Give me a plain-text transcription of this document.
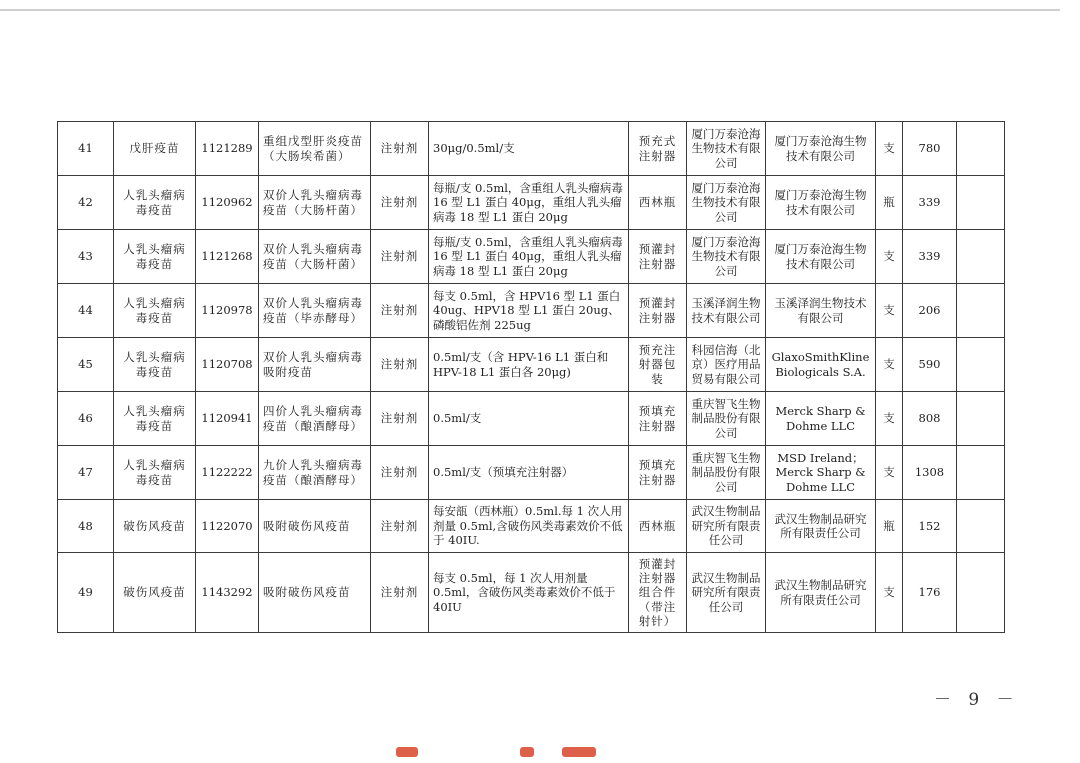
41	戊肝疫苗	1121289	重组戊型肝炎疫苗（大肠埃希菌）	注射剂	30μg/0.5ml/支	预充式注射器	厦门万泰沧海生物技术有限公司	厦门万泰沧海生物技术有限公司	支	780	
42	人乳头瘤病毒疫苗	1120962	双价人乳头瘤病毒疫苗（大肠杆菌）	注射剂	每瓶/支 0.5ml，含重组人乳头瘤病毒 16 型 L1 蛋白 40μg，重组人乳头瘤病毒 18 型 L1 蛋白 20μg	西林瓶	厦门万泰沧海生物技术有限公司	厦门万泰沧海生物技术有限公司	瓶	339	
43	人乳头瘤病毒疫苗	1121268	双价人乳头瘤病毒疫苗（大肠杆菌）	注射剂	每瓶/支 0.5ml，含重组人乳头瘤病毒 16 型 L1 蛋白 40μg，重组人乳头瘤病毒 18 型 L1 蛋白 20μg	预灌封注射器	厦门万泰沧海生物技术有限公司	厦门万泰沧海生物技术有限公司	支	339	
44	人乳头瘤病毒疫苗	1120978	双价人乳头瘤病毒疫苗（毕赤酵母）	注射剂	每支 0.5ml，含 HPV16 型 L1 蛋白 40ug、HPV18 型 L1 蛋白 20ug、磷酸铝佐剂 225ug	预灌封注射器	玉溪泽润生物技术有限公司	玉溪泽润生物技术有限公司	支	206	
45	人乳头瘤病毒疫苗	1120708	双价人乳头瘤病毒吸附疫苗	注射剂	0.5ml/支（含 HPV-16 L1 蛋白和 HPV-18 L1 蛋白各 20μg)	预充注射器包装	科园信海（北京）医疗用品贸易有限公司	GlaxoSmithKline Biologicals S.A.	支	590	
46	人乳头瘤病毒疫苗	1120941	四价人乳头瘤病毒疫苗（酿酒酵母）	注射剂	0.5ml/支	预填充注射器	重庆智飞生物制品股份有限公司	Merck Sharp & Dohme LLC	支	808	
47	人乳头瘤病毒疫苗	1122222	九价人乳头瘤病毒疫苗（酿酒酵母）	注射剂	0.5ml/支（预填充注射器）	预填充注射器	重庆智飞生物制品股份有限公司	MSD Ireland；Merck Sharp & Dohme LLC	支	1308	
48	破伤风疫苗	1122070	吸附破伤风疫苗	注射剂	每安瓿（西林瓶）0.5ml.每 1 次人用剂量 0.5ml,含破伤风类毒素效价不低于 40IU.	西林瓶	武汉生物制品研究所有限责任公司	武汉生物制品研究所有限责任公司	瓶	152	
49	破伤风疫苗	1143292	吸附破伤风疫苗	注射剂	每支 0.5ml，每 1 次人用剂量 0.5ml，含破伤风类毒素效价不低于 40IU	预灌封注射器组合件（带注射针）	武汉生物制品研究所有限责任公司	武汉生物制品研究所有限责任公司	支	176	
－ 9 －
